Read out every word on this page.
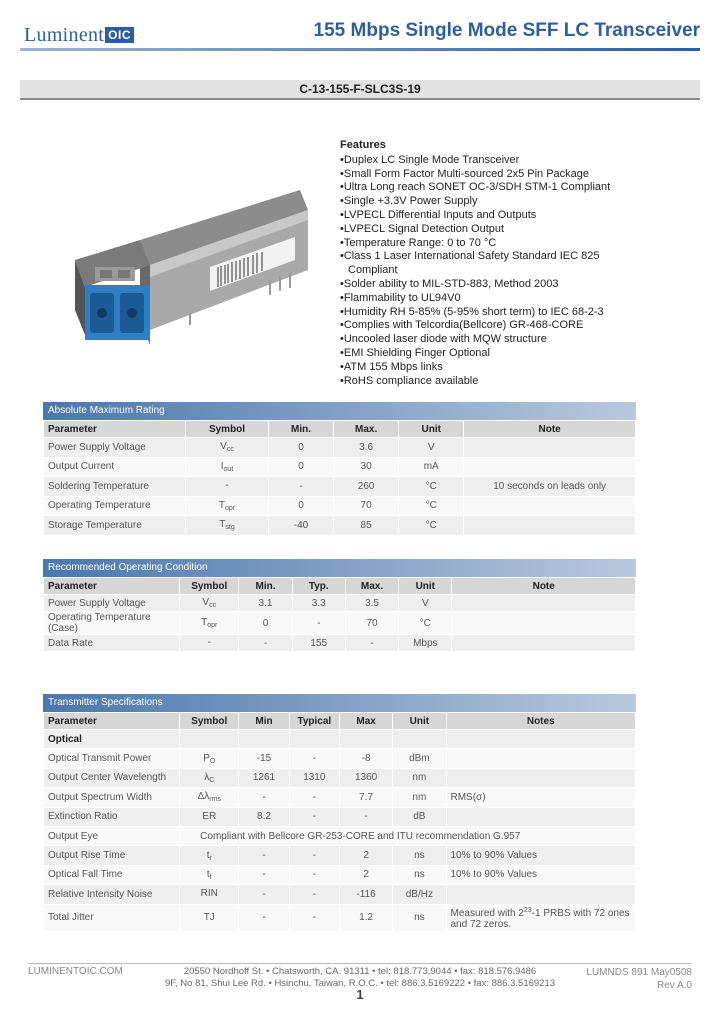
Luminent OIC	155 Mbps Single Mode SFF LC Transceiver
C-13-155-F-SLC3S-19
Features
• Duplex LC Single Mode Transceiver
• Small Form Factor Multi-sourced 2x5 Pin Package
• Ultra Long reach SONET OC-3/SDH STM-1 Compliant
• Single +3.3V Power Supply
• LVPECL Differential Inputs and Outputs
• LVPECL Signal Detection Output
• Temperature Range: 0 to 70 °C
• Class 1 Laser International Safety Standard IEC 825 Compliant
• Solder ability to MIL-STD-883, Method 2003
• Flammability to UL94V0
• Humidity RH 5-85% (5-95% short term) to IEC 68-2-3
• Complies with Telcordia(Bellcore) GR-468-CORE
• Uncooled laser diode with MQW structure
• EMI Shielding Finger Optional
• ATM 155 Mbps links
• RoHS compliance available
Absolute Maximum Rating
Parameter	Symbol	Min.	Max.	Unit	Note
Power Supply Voltage	$V_{cc}$	0	3.6	V	
Output Current	$I_{out}$	0	30	mA	
Soldering Temperature	-	-	260	°C	10 seconds on leads only
Operating Temperature	$T_{opr}$	0	70	°C	
Storage Temperature	$T_{stg}$	-40	85	°C	
Recommended Operating Condition
Parameter	Symbol	Min.	Typ.	Max.	Unit	Note
Power Supply Voltage	$V_{cc}$	3.1	3.3	3.5	V	
Operating Temperature (Case)	$T_{opr}$	0	-	70	°C	
Data Rate	-	-	155	-	Mbps	
Transmitter Specifications
Parameter	Symbol	Min	Typical	Max	Unit	Notes
Optical						
Optical Transmit Power	$P_O$	-15	-	-8	dBm	
Output Center Wavelength	$\lambda_C$	1261	1310	1360	nm	
Output Spectrum Width	$\Delta\lambda_{rms}$	-	-	7.7	nm	RMS(σ)
Extinction Ratio	ER	8.2	-	-	dB	
Output Eye	Compliant with Bellcore GR-253-CORE and ITU recommendation G.957					
Output Rise Time	$t_r$	-	-	2	ns	10% to 90% Values
Optical Fall Time	$t_f$	-	-	2	ns	10% to 90% Values
Relative Intensity Noise	RIN	-	-	-116	dB/Hz	
Total Jitter	TJ	-	-	1.2	ns	Measured with $2^{23}-1$ PRBS with 72 ones and 72 zeros.
LUMINENTOIC.COM	20550 Nordhoff St. • Chatsworth, CA. 91311 • tel: 818.773.9044 • fax: 818.576.9486
9F, No 81, Shui Lee Rd. • Hsinchu, Taiwan, R.O.C. • tel: 886.3.5169222 • fax: 886.3.5169213
LUMNDS 891 May0508
Rev A.0
1
